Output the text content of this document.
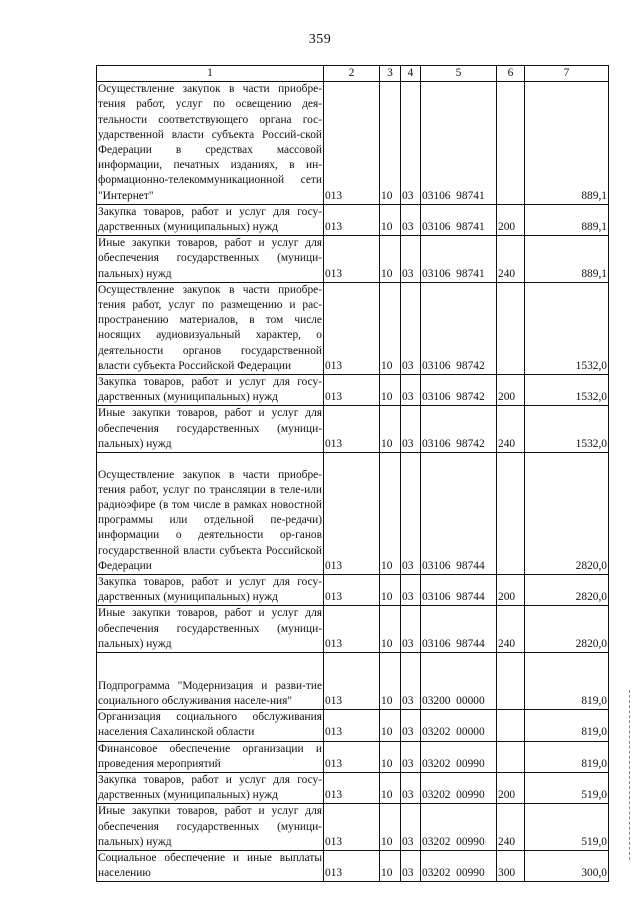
359
1	2	3	4	5	6	7

Осуществление закупок в части приобре-тения работ, услуг по освещению дея-тельности соответствующего органа гос-ударственной власти субъекта Россий-ской Федерации в средствах массовой информации, печатных изданиях, в ин-формационно-телекоммуникационной сети "Интернет"	013	10	03	03106  98741		889,1

Закупка товаров, работ и услуг для госу-дарственных (муниципальных) нужд	013	10	03	03106  98741	200	889,1

Иные закупки товаров, работ и услуг для обеспечения государственных (муници-пальных) нужд	013	10	03	03106  98741	240	889,1

Осуществление закупок в части приобре-тения работ, услуг по размещению и рас-пространению материалов, в том числе носящих аудиовизуальный характер, о деятельности органов государственной власти субъекта Российской Федерации	013	10	03	03106  98742		1532,0

Закупка товаров, работ и услуг для госу-дарственных (муниципальных) нужд	013	10	03	03106  98742	200	1532,0

Иные закупки товаров, работ и услуг для обеспечения государственных (муници-пальных) нужд	013	10	03	03106  98742	240	1532,0

Осуществление закупок в части приобре-тения работ, услуг по трансляции в теле-или радиоэфире (в том числе в рамках новостной программы или отдельной пе-редачи) информации о деятельности ор-ганов государственной власти субъекта Российской Федерации	013	10	03	03106  98744		2820,0

Закупка товаров, работ и услуг для госу-дарственных (муниципальных) нужд	013	10	03	03106  98744	200	2820,0

Иные закупки товаров, работ и услуг для обеспечения государственных (муници-пальных) нужд	013	10	03	03106  98744	240	2820,0

Подпрограмма "Модернизация и разви-тие социального обслуживания населе-ния"	013	10	03	03200  00000		819,0

Организация социального обслуживания населения Сахалинской области	013	10	03	03202  00000		819,0

Финансовое обеспечение организации и проведения мероприятий	013	10	03	03202  00990		819,0

Закупка товаров, работ и услуг для госу-дарственных (муниципальных) нужд	013	10	03	03202  00990	200	519,0

Иные закупки товаров, работ и услуг для обеспечения государственных (муници-пальных) нужд	013	10	03	03202  00990	240	519,0

Социальное обеспечение и иные выплаты населению	013	10	03	03202  00990	300	300,0
